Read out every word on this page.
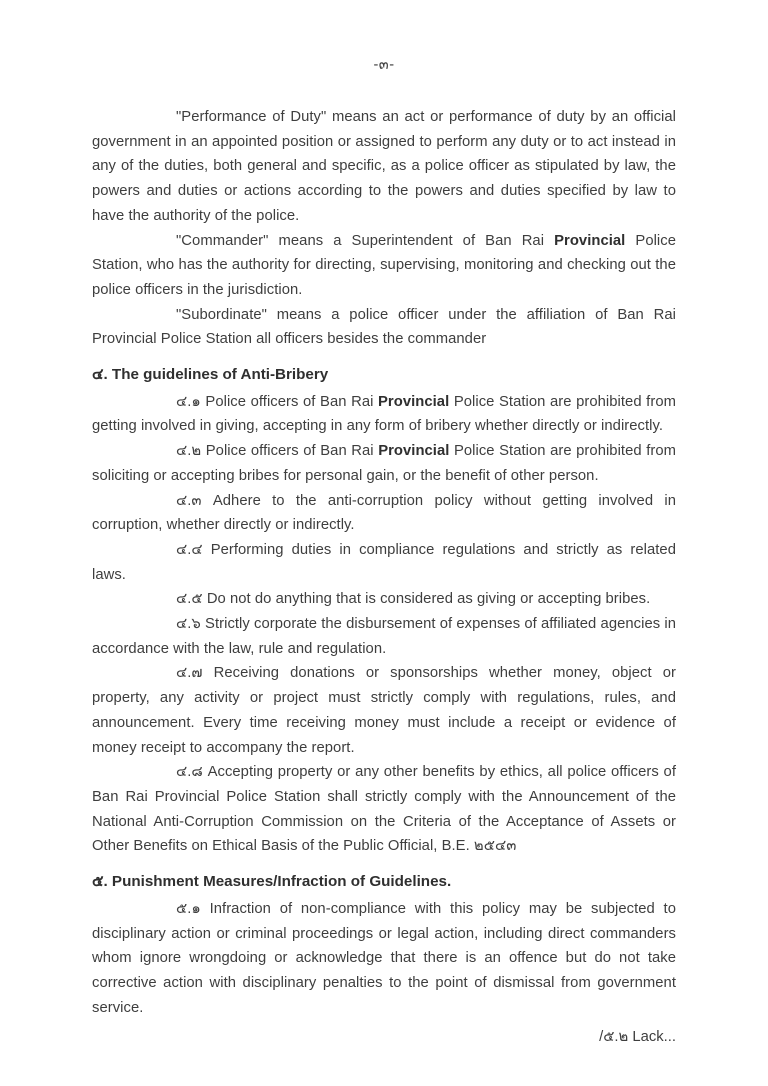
-๓-

"Performance of Duty" means an act or performance of duty by an official government in an appointed position or assigned to perform any duty or to act instead in any of the duties, both general and specific, as a police officer as stipulated by law, the powers and duties or actions according to the powers and duties specified by law to have the authority of the police.

"Commander" means a Superintendent of Ban Rai Provincial Police Station, who has the authority for directing, supervising, monitoring and checking out the police officers in the jurisdiction.

"Subordinate" means a police officer under the affiliation of Ban Rai Provincial Police Station all officers besides the commander

๔. The guidelines of Anti-Bribery

๔.๑ Police officers of Ban Rai Provincial Police Station are prohibited from getting involved in giving, accepting in any form of bribery whether directly or indirectly.

๔.๒ Police officers of Ban Rai Provincial Police Station are prohibited from soliciting or accepting bribes for personal gain, or the benefit of other person.

๔.๓ Adhere to the anti-corruption policy without getting involved in corruption, whether directly or indirectly.

๔.๔ Performing duties in compliance regulations and strictly as related laws.

๔.๕ Do not do anything that is considered as giving or accepting bribes.

๔.๖ Strictly corporate the disbursement of expenses of affiliated agencies in accordance with the law, rule and regulation.

๔.๗ Receiving donations or sponsorships whether money, object or property, any activity or project must strictly comply with regulations, rules, and announcement. Every time receiving money must include a receipt or evidence of money receipt to accompany the report.

๔.๘ Accepting property or any other benefits by ethics, all police officers of Ban Rai Provincial Police Station shall strictly comply with the Announcement of the National Anti-Corruption Commission on the Criteria of the Acceptance of Assets or Other Benefits on Ethical Basis of the Public Official, B.E. ๒๕๔๓

๕. Punishment Measures/Infraction of Guidelines.

๕.๑ Infraction of non-compliance with this policy may be subjected to disciplinary action or criminal proceedings or legal action, including direct commanders whom ignore wrongdoing or acknowledge that there is an offence but do not take corrective action with disciplinary penalties to the point of dismissal from government service.

/๕.๒ Lack...
